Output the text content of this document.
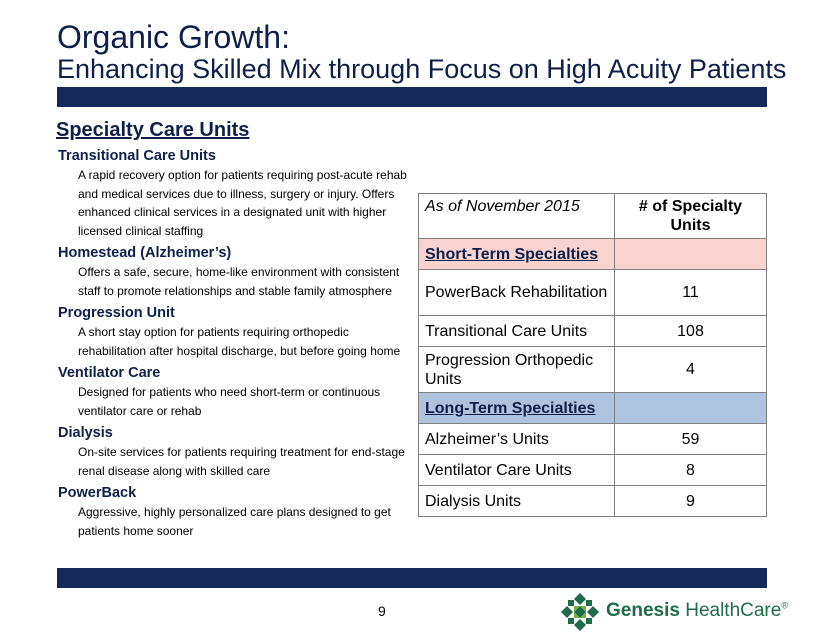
Organic Growth:
Enhancing Skilled Mix through Focus on High Acuity Patients
Specialty Care Units
Transitional Care Units
A rapid recovery option for patients requiring post-acute rehab and medical services due to illness, surgery or injury. Offers enhanced clinical services in a designated unit with higher licensed clinical staffing
Homestead (Alzheimer’s)
Offers a safe, secure, home-like environment with consistent staff to promote relationships and stable family atmosphere
Progression Unit
A short stay option for patients requiring orthopedic rehabilitation after hospital discharge, but before going home
Ventilator Care
Designed for patients who need short-term or continuous ventilator care or rehab
Dialysis
On-site services for patients requiring treatment for end-stage renal disease along with skilled care
PowerBack
Aggressive, highly personalized care plans designed to get patients home sooner
As of November 2015	# of Specialty Units
Short-Term Specialties	
PowerBack Rehabilitation	11
Transitional Care Units	108
Progression Orthopedic Units	4
Long-Term Specialties	
Alzheimer’s Units	59
Ventilator Care Units	8
Dialysis Units	9
9	Genesis HealthCare®
